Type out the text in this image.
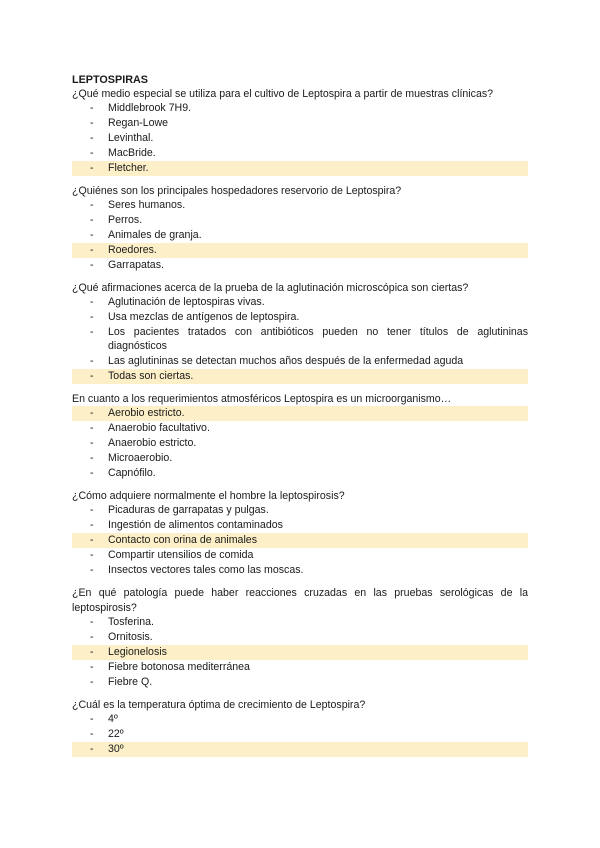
LEPTOSPIRAS
¿Qué medio especial se utiliza para el cultivo de Leptospira a partir de muestras clínicas?
- Middlebrook 7H9.
- Regan-Lowe
- Levinthal.
- MacBride.
- Fletcher.
¿Quiénes son los principales hospedadores reservorio de Leptospira?
- Seres humanos.
- Perros.
- Animales de granja.
- Roedores.
- Garrapatas.
¿Qué afirmaciones acerca de la prueba de la aglutinación microscópica son ciertas?
- Aglutinación de leptospiras vivas.
- Usa mezclas de antígenos de leptospira.
- Los pacientes tratados con antibióticos pueden no tener títulos de aglutininas diagnósticos
- Las aglutininas se detectan muchos años después de la enfermedad aguda
- Todas son ciertas.
En cuanto a los requerimientos atmosféricos Leptospira es un microorganismo…
- Aerobio estricto.
- Anaerobio facultativo.
- Anaerobio estricto.
- Microaerobio.
- Capnófilo.
¿Cómo adquiere normalmente el hombre la leptospirosis?
- Picaduras de garrapatas y pulgas.
- Ingestión de alimentos contaminados
- Contacto con orina de animales
- Compartir utensilios de comida
- Insectos vectores tales como las moscas.
¿En qué patología puede haber reacciones cruzadas en las pruebas serológicas de la leptospirosis?
- Tosferina.
- Ornitosis.
- Legionelosis
- Fiebre botonosa mediterránea
- Fiebre Q.
¿Cuál es la temperatura óptima de crecimiento de Leptospira?
- 4º
- 22º
- 30º
